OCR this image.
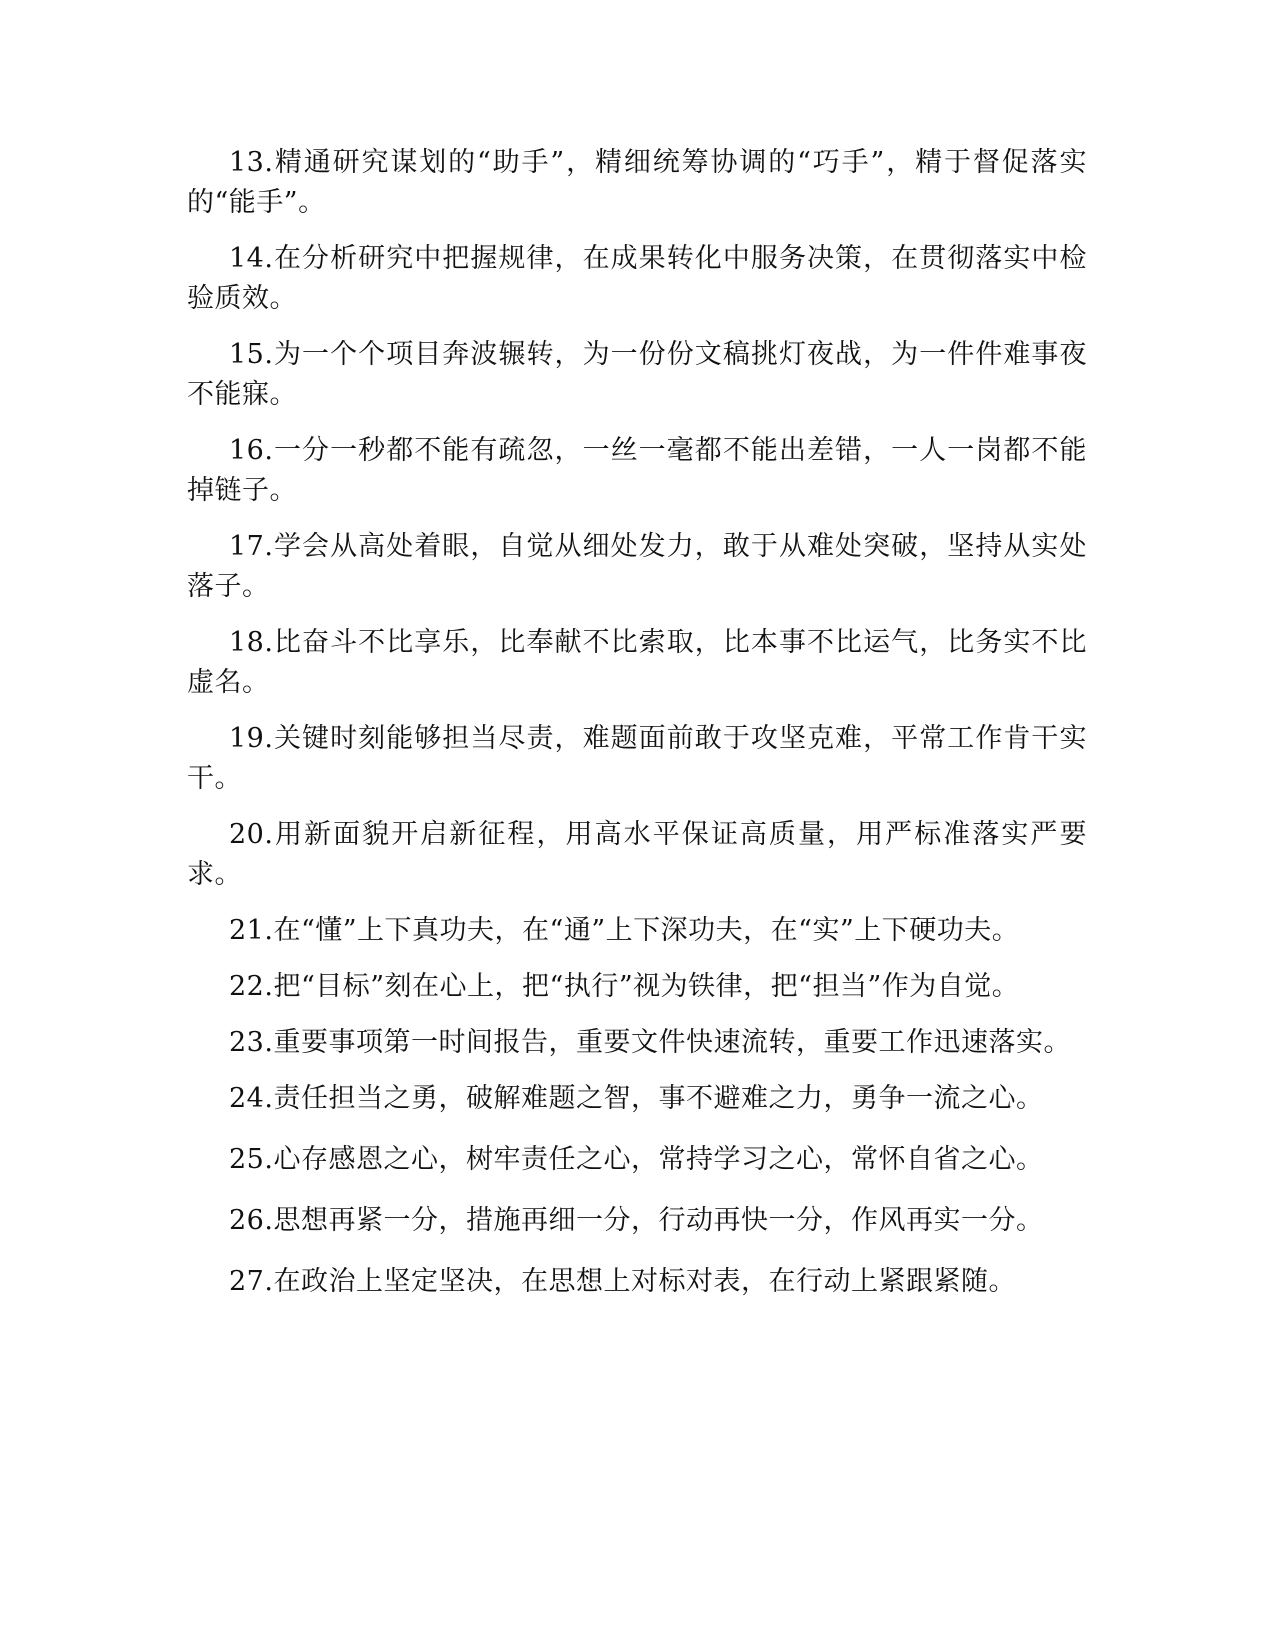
13.精通研究谋划的“助手”，精细统筹协调的“巧手”，精于督促落实的“能手”。

14.在分析研究中把握规律，在成果转化中服务决策，在贯彻落实中检验质效。

15.为一个个项目奔波辗转，为一份份文稿挑灯夜战，为一件件难事夜不能寐。

16.一分一秒都不能有疏忽，一丝一毫都不能出差错，一人一岗都不能掉链子。

17.学会从高处着眼，自觉从细处发力，敢于从难处突破，坚持从实处落子。

18.比奋斗不比享乐，比奉献不比索取，比本事不比运气，比务实不比虚名。

19.关键时刻能够担当尽责，难题面前敢于攻坚克难，平常工作肯干实干。

20.用新面貌开启新征程，用高水平保证高质量，用严标准落实严要求。

21.在“懂”上下真功夫，在“通”上下深功夫，在“实”上下硬功夫。

22.把“目标”刻在心上，把“执行”视为铁律，把“担当”作为自觉。

23.重要事项第一时间报告，重要文件快速流转，重要工作迅速落实。

24.责任担当之勇，破解难题之智，事不避难之力，勇争一流之心。

25.心存感恩之心，树牢责任之心，常持学习之心，常怀自省之心。

26.思想再紧一分，措施再细一分，行动再快一分，作风再实一分。

27.在政治上坚定坚决，在思想上对标对表，在行动上紧跟紧随。
